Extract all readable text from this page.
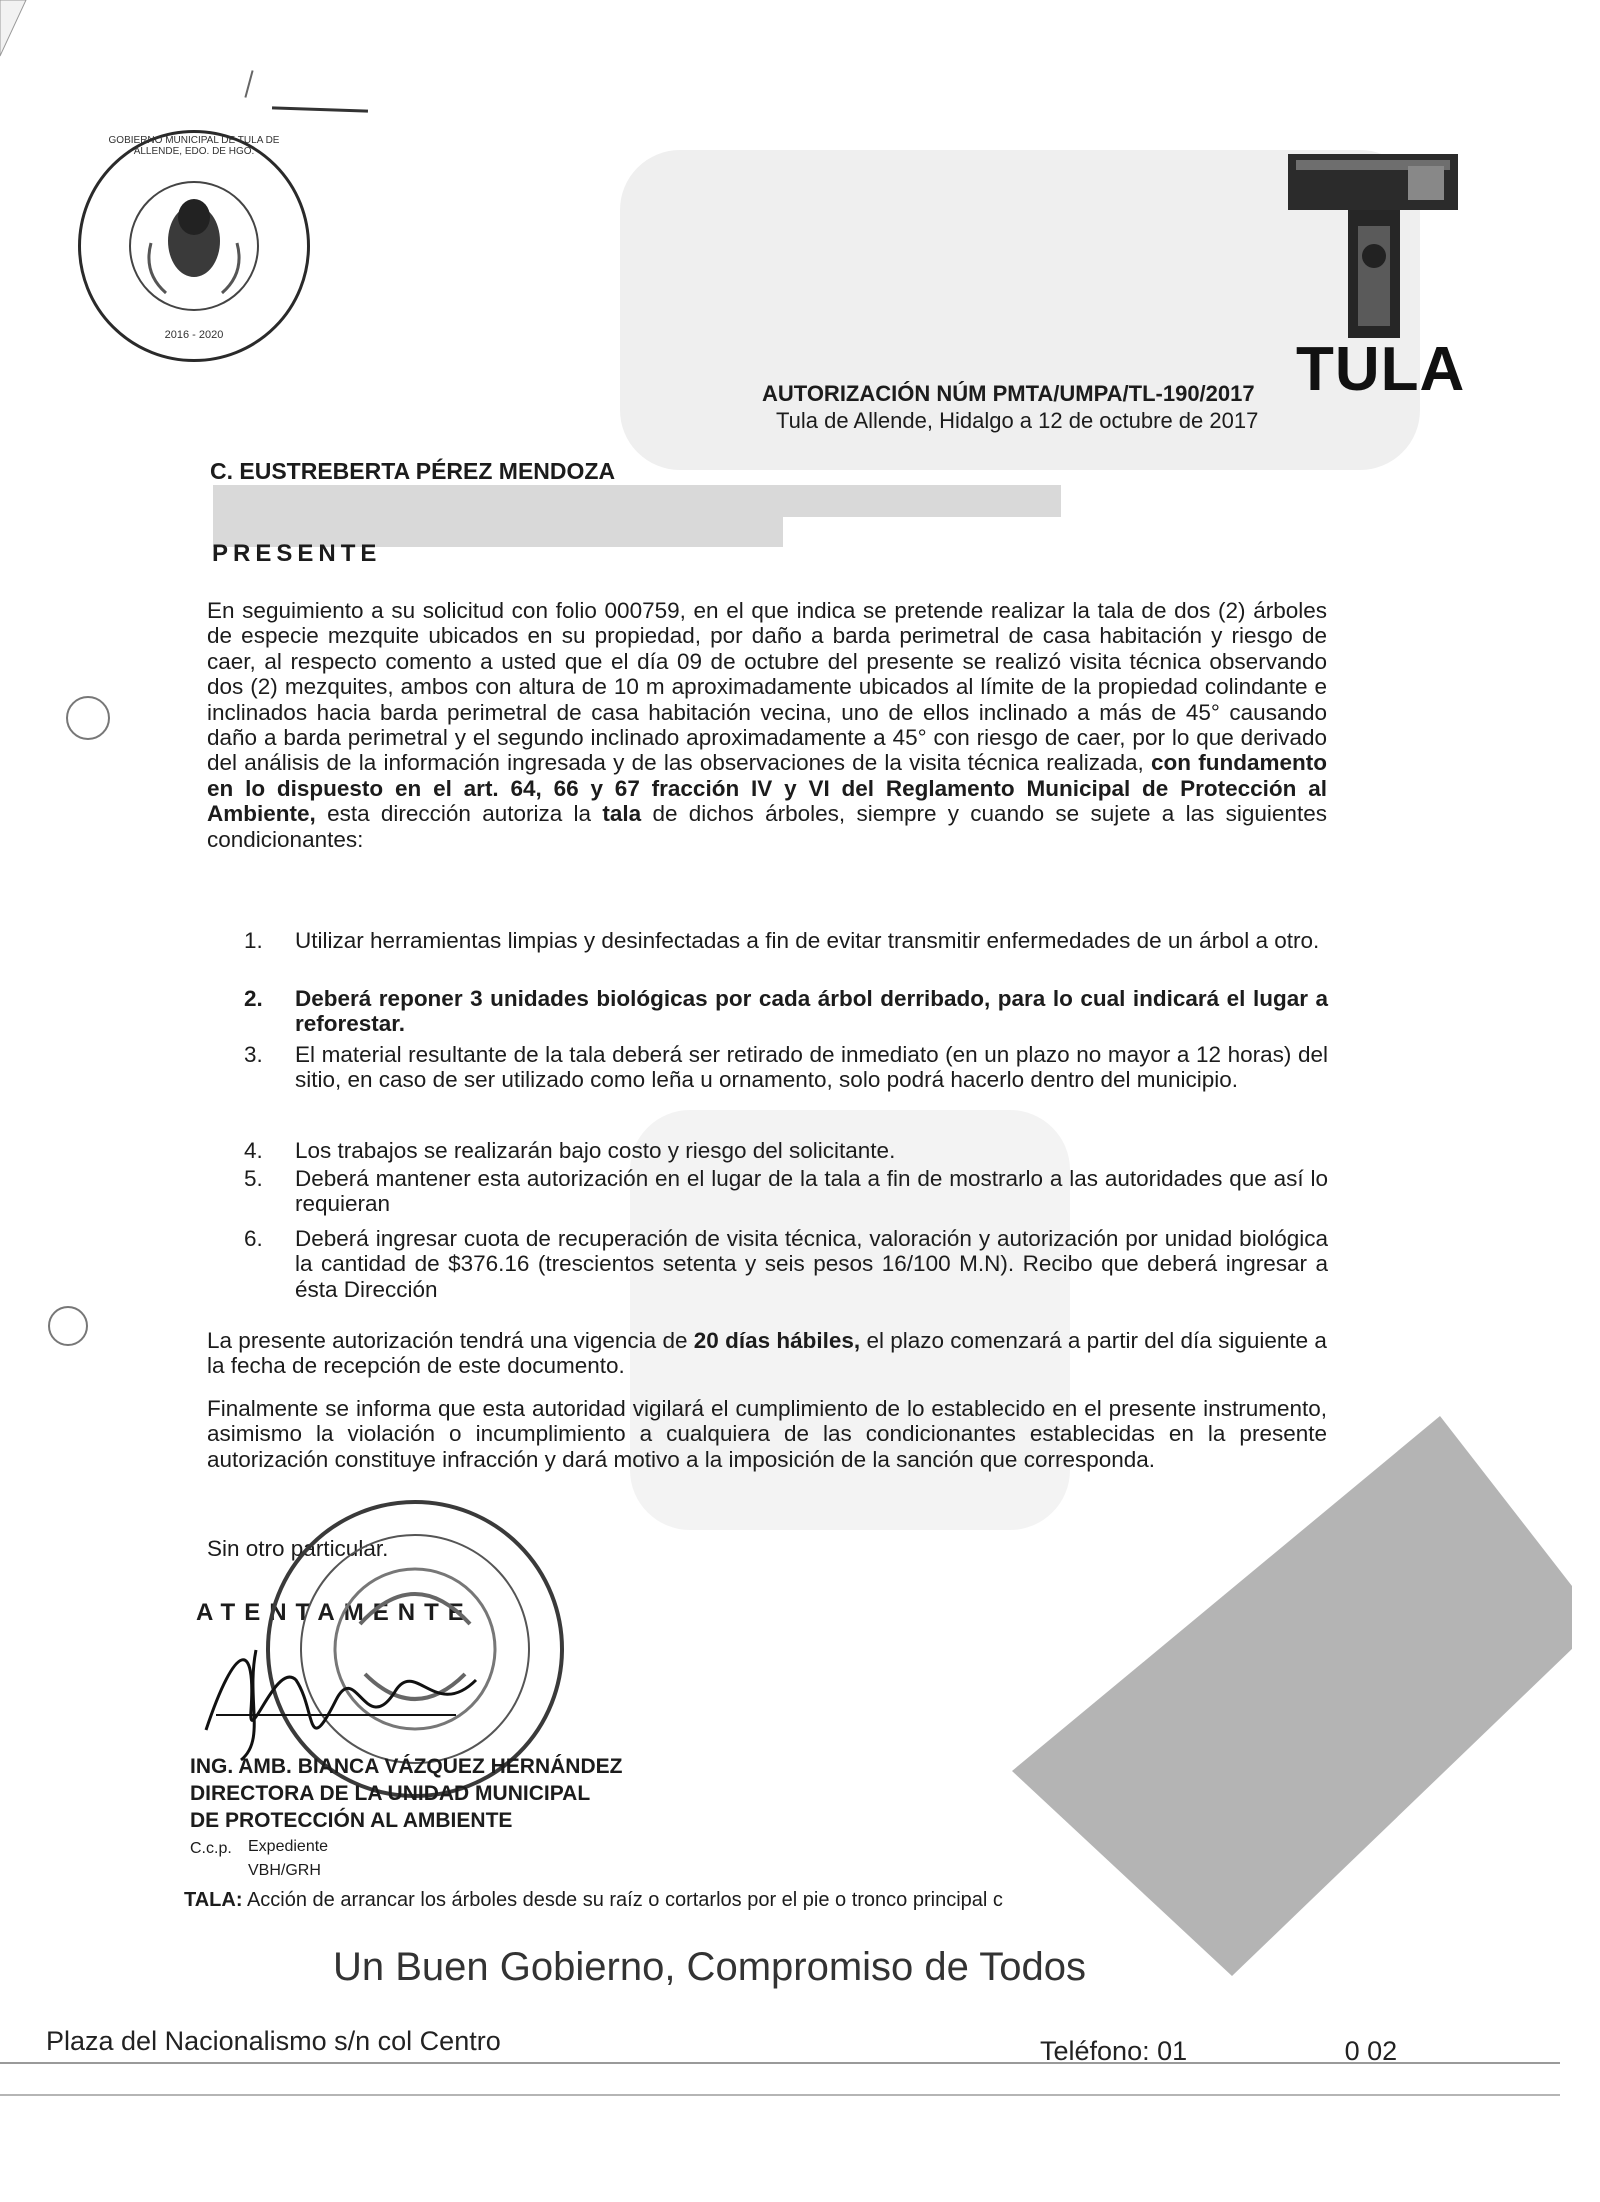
GOBIERNO MUNICIPAL DE TULA DE ALLENDE, EDO. DE HGO.
2016 - 2020	TULA
AUTORIZACIÓN NÚM PMTA/UMPA/TL-190/2017
Tula de Allende, Hidalgo a 12 de octubre de 2017
C. EUSTREBERTA PÉREZ MENDOZA
PRESENTE
En seguimiento a su solicitud con folio 000759, en el que indica se pretende realizar la tala de dos (2) árboles de especie mezquite ubicados en su propiedad, por daño a barda perimetral de casa habitación y riesgo de caer, al respecto comento a usted que el día 09 de octubre del presente se realizó visita técnica observando dos (2) mezquites, ambos con altura de 10 m aproximadamente ubicados al límite de la propiedad colindante e inclinados hacia barda perimetral de casa habitación vecina, uno de ellos inclinado a más de 45° causando daño a barda perimetral y el segundo inclinado aproximadamente a 45° con riesgo de caer, por lo que derivado del análisis de la información ingresada y de las observaciones de la visita técnica realizada, con fundamento en lo dispuesto en el art. 64, 66 y 67 fracción IV y VI del Reglamento Municipal de Protección al Ambiente, esta dirección autoriza la tala de dichos árboles, siempre y cuando se sujete a las siguientes condicionantes:
1.	Utilizar herramientas limpias y desinfectadas a fin de evitar transmitir enfermedades de un árbol a otro.
2.	Deberá reponer 3 unidades biológicas por cada árbol derribado, para lo cual indicará el lugar a reforestar.
3.	El material resultante de la tala deberá ser retirado de inmediato (en un plazo no mayor a 12 horas) del sitio, en caso de ser utilizado como leña u ornamento, solo podrá hacerlo dentro del municipio.
4.	Los trabajos se realizarán bajo costo y riesgo del solicitante.
5.	Deberá mantener esta autorización en el lugar de la tala a fin de mostrarlo a las autoridades que así lo requieran
6.	Deberá ingresar cuota de recuperación de visita técnica, valoración y autorización por unidad biológica la cantidad de $376.16 (trescientos setenta y seis pesos 16/100 M.N). Recibo que deberá ingresar a ésta Dirección
La presente autorización tendrá una vigencia de 20 días hábiles, el plazo comenzará a partir del día siguiente a la fecha de recepción de este documento.
Finalmente se informa que esta autoridad vigilará el cumplimiento de lo establecido en el presente instrumento, asimismo la violación o incumplimiento a cualquiera de las condicionantes establecidas en la presente autorización constituye infracción y dará motivo a la imposición de la sanción que corresponda.
Sin otro particular.
ATENTAMENTE
ING. AMB. BIANCA VÁZQUEZ HERNÁNDEZ
DIRECTORA DE LA UNIDAD MUNICIPAL
DE PROTECCIÓN AL AMBIENTE
C.c.p. Expediente
VBH/GRH
TALA: Acción de arrancar los árboles desde su raíz o cortarlos por el pie o tronco principal c
Un Buen Gobierno, Compromiso de Todos
Plaza del Nacionalismo s/n col Centro	Teléfono: 01	0 02
